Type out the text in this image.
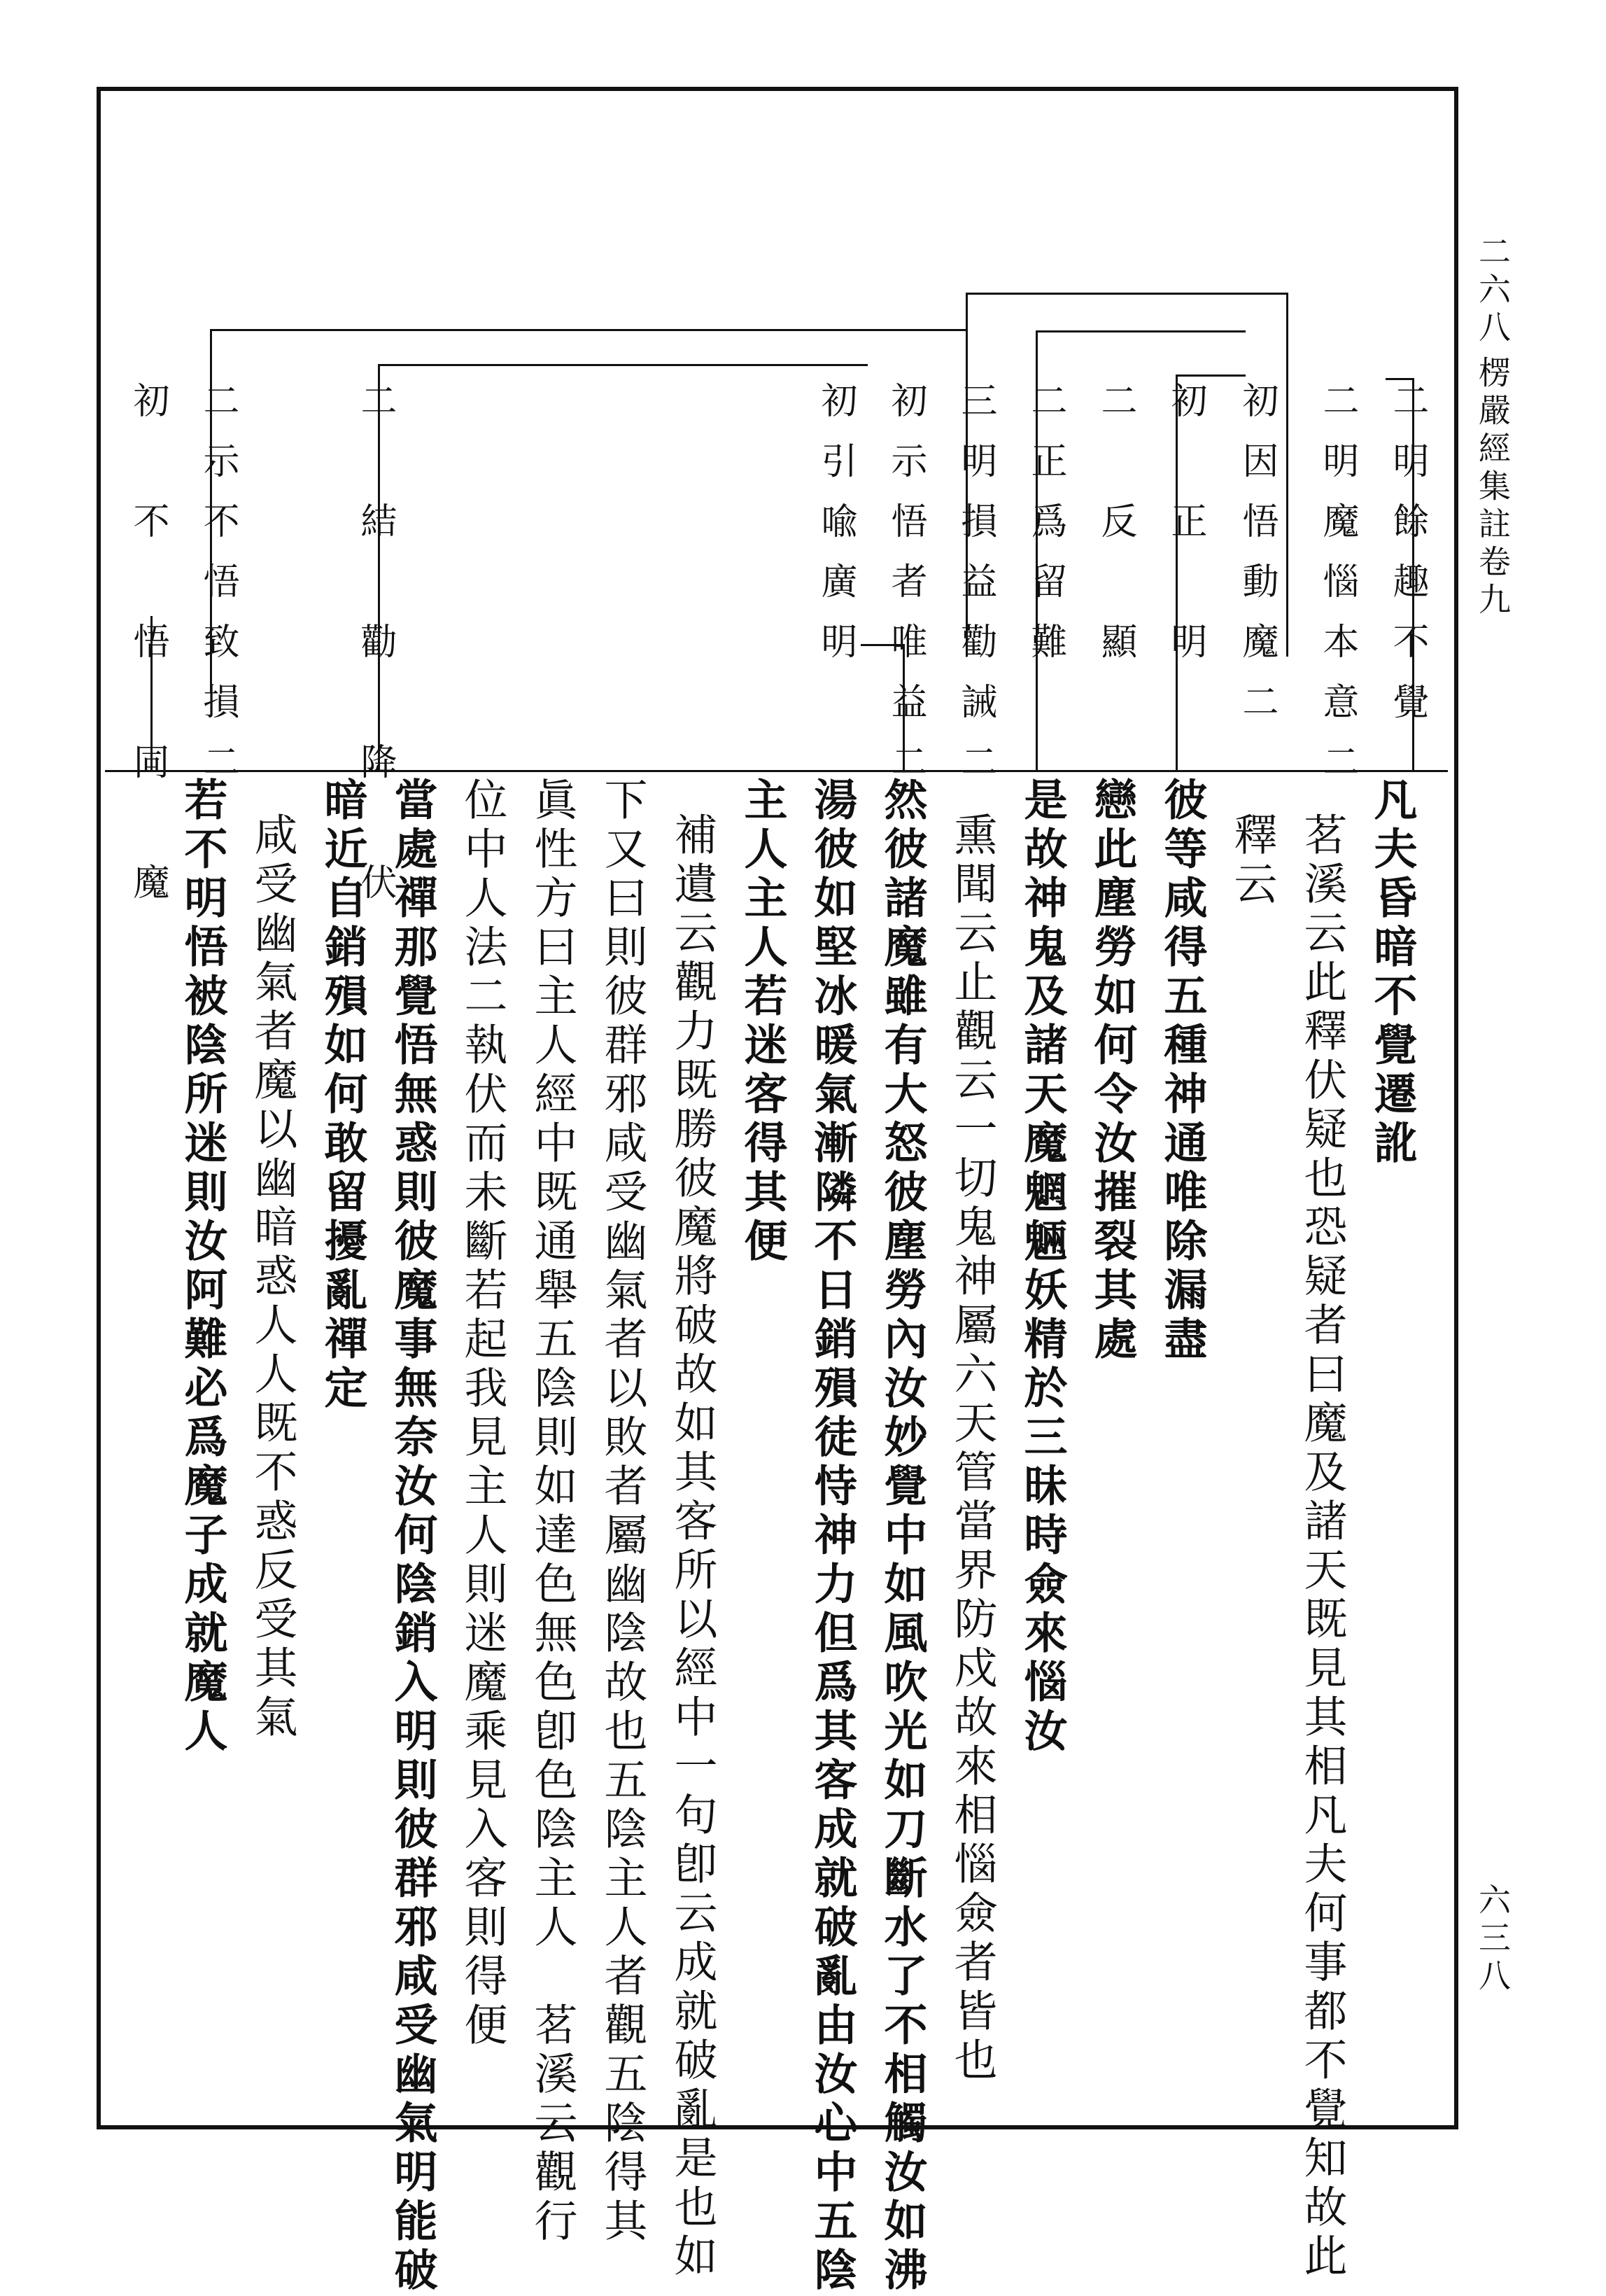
二六八
楞嚴經集註卷九
六三八
二明餘趣不覺
二明魔惱本意二
初因悟動魔二
初　正　明
二　反　顯
二正爲留難
三明損益勸誡二
初示悟者唯益二
初引喩廣明
二　結　勸　降　伏
二示不悟致損二
初　不　悟　同　魔
凡夫昏暗不覺遷訛
茗溪云此釋伏疑也恐疑者曰魔及諸天既見其相凡夫何事都不覺知故此
釋云
彼等咸得五種神通唯除漏盡
戀此塵勞如何令汝摧裂其處
是故神鬼及諸天魔魍魎妖精於三昧時僉來惱汝
熏聞云止觀云一切鬼神屬六天管當界防戍故來相惱僉者皆也
然彼諸魔雖有大怒彼塵勞內汝妙覺中如風吹光如刀斷水了不相觸汝如沸
湯彼如堅冰暖氣漸隣不日銷殞徒恃神力但爲其客成就破亂由汝心中五陰
主人主人若迷客得其便
補遺云觀力既勝彼魔將破故如其客所以經中一句卽云成就破亂是也如
下又曰則彼群邪咸受幽氣者以敗者屬幽陰故也五陰主人者觀五陰得其
眞性方曰主人經中既通舉五陰則如達色無色卽色陰主人　茗溪云觀行
位中人法二執伏而未斷若起我見主人則迷魔乘見入客則得便
當處禪那覺悟無惑則彼魔事無奈汝何陰銷入明則彼群邪咸受幽氣明能破
暗近自銷殞如何敢留擾亂禪定
咸受幽氣者魔以幽暗惑人人既不惑反受其氣
若不明悟被陰所迷則汝阿難必爲魔子成就魔人
